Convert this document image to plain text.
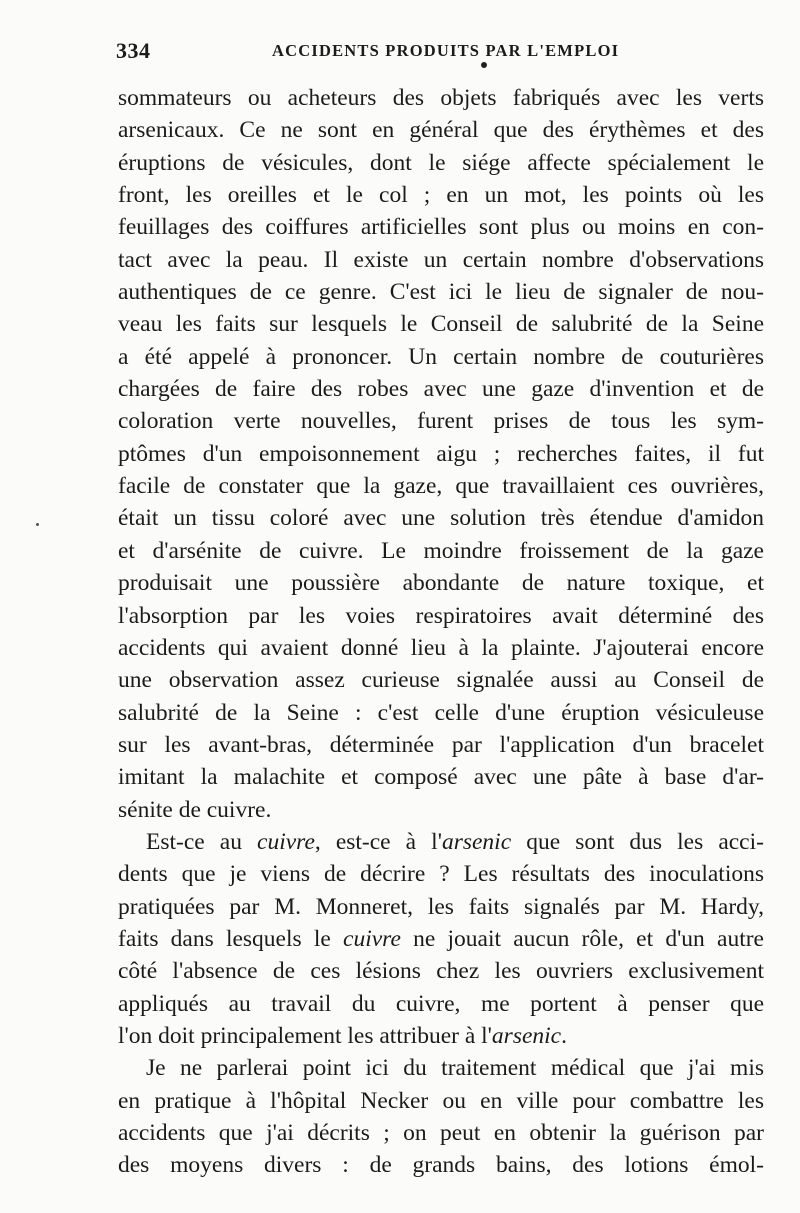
334	ACCIDENTS PRODUITS PAR L'EMPLOI
sommateurs ou acheteurs des objets fabriqués avec les verts
arsenicaux. Ce ne sont en général que des érythèmes et des
éruptions de vésicules, dont le siége affecte spécialement le
front, les oreilles et le col ; en un mot, les points où les
feuillages des coiffures artificielles sont plus ou moins en con-
tact avec la peau. Il existe un certain nombre d'observations
authentiques de ce genre. C'est ici le lieu de signaler de nou-
veau les faits sur lesquels le Conseil de salubrité de la Seine
a été appelé à prononcer. Un certain nombre de couturières
chargées de faire des robes avec une gaze d'invention et de
coloration verte nouvelles, furent prises de tous les sym-
ptômes d'un empoisonnement aigu ; recherches faites, il fut
facile de constater que la gaze, que travaillaient ces ouvrières,
était un tissu coloré avec une solution très étendue d'amidon
et d'arsénite de cuivre. Le moindre froissement de la gaze
produisait une poussière abondante de nature toxique, et
l'absorption par les voies respiratoires avait déterminé des
accidents qui avaient donné lieu à la plainte. J'ajouterai encore
une observation assez curieuse signalée aussi au Conseil de
salubrité de la Seine : c'est celle d'une éruption vésiculeuse
sur les avant-bras, déterminée par l'application d'un bracelet
imitant la malachite et composé avec une pâte à base d'ar-
sénite de cuivre.
Est-ce au cuivre, est-ce à l'arsenic que sont dus les acci-
dents que je viens de décrire ? Les résultats des inoculations
pratiquées par M. Monneret, les faits signalés par M. Hardy,
faits dans lesquels le cuivre ne jouait aucun rôle, et d'un autre
côté l'absence de ces lésions chez les ouvriers exclusivement
appliqués au travail du cuivre, me portent à penser que
l'on doit principalement les attribuer à l'arsenic.
Je ne parlerai point ici du traitement médical que j'ai mis
en pratique à l'hôpital Necker ou en ville pour combattre les
accidents que j'ai décrits ; on peut en obtenir la guérison par
des moyens divers : de grands bains, des lotions émol-
